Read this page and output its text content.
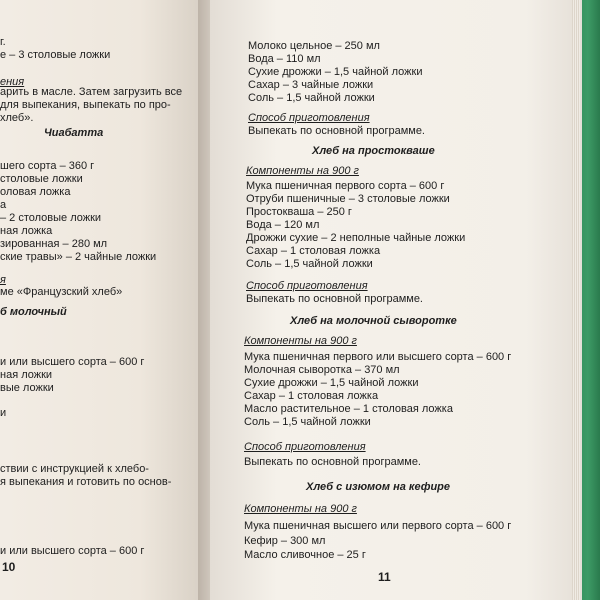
г.
е – 3 столовые ложки
ения
арить в масле. Затем загрузить все
для выпекания, выпекать по про-
хлеб».
Чиабатта
шего сорта – 360 г
столовые ложки
оловая ложка
а
– 2 столовые ложки
ная ложка
зированная – 280 мл
ские травы» – 2 чайные ложки
я
ме «Французский хлеб»
б молочный
и или высшего сорта – 600 г
ная ложки
вые ложки
и
ствии с инструкцией к хлебо-
я выпекания и готовить по основ-
и или высшего сорта – 600 г
10
Молоко цельное – 250 мл
Вода – 110 мл
Сухие дрожжи – 1,5 чайной ложки
Сахар – 3 чайные ложки
Соль – 1,5 чайной ложки
Способ приготовления
Выпекать по основной программе.
Хлеб на простокваше
Компоненты на 900 г
Мука пшеничная первого сорта – 600 г
Отруби пшеничные – 3 столовые ложки
Простокваша – 250 г
Вода – 120 мл
Дрожжи сухие – 2 неполные чайные ложки
Сахар – 1 столовая ложка
Соль – 1,5 чайной ложки
Способ приготовления
Выпекать по основной программе.
Хлеб на молочной сыворотке
Компоненты на 900 г
Мука пшеничная первого или высшего сорта – 600 г
Молочная сыворотка – 370 мл
Сухие дрожжи – 1,5 чайной ложки
Сахар – 1 столовая ложка
Масло растительное – 1 столовая ложка
Соль – 1,5 чайной ложки
Способ приготовления
Выпекать по основной программе.
Хлеб с изюмом на кефире
Компоненты на 900 г
Мука пшеничная высшего или первого сорта – 600 г
Кефир – 300 мл
Масло сливочное – 25 г
11
